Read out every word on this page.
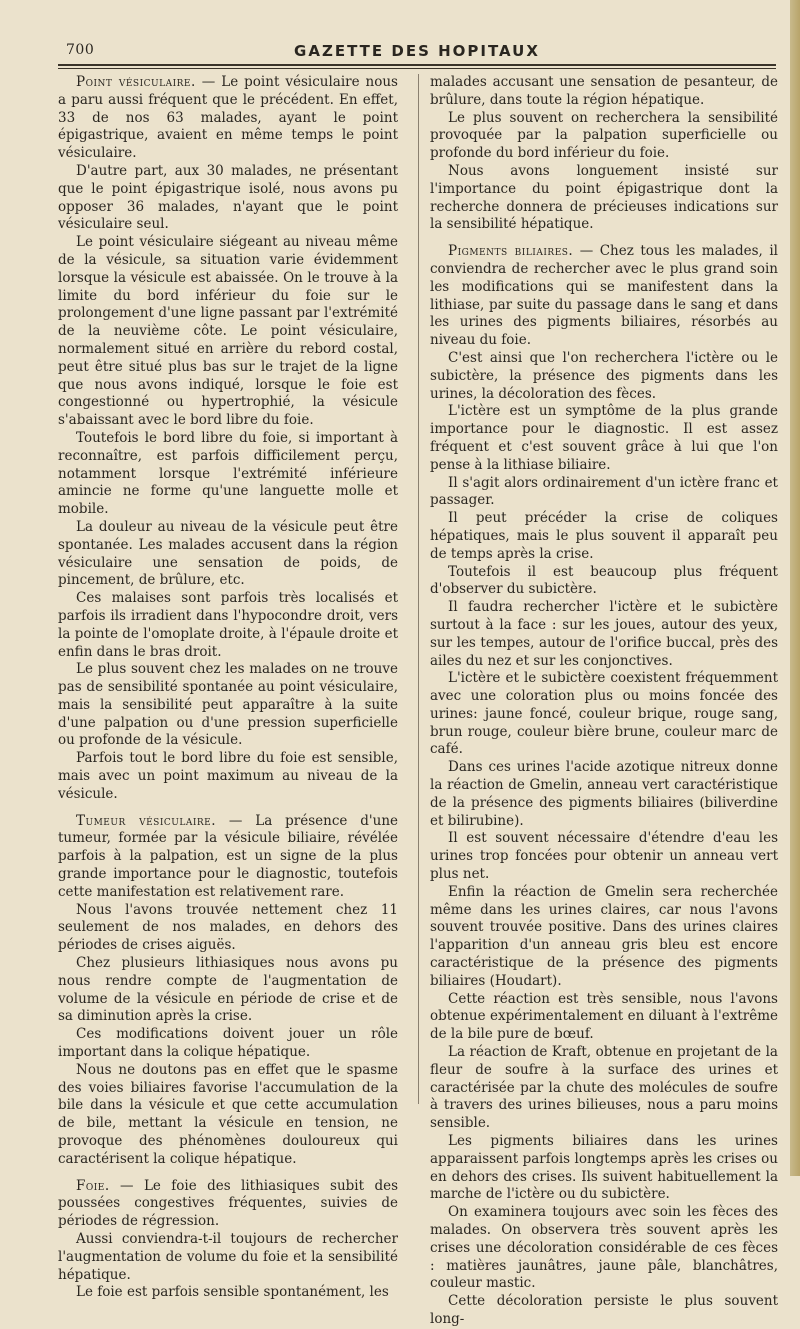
700	GAZETTE DES HOPITAUX

Point vésiculaire. — Le point vésiculaire nous a paru aussi fréquent que le précédent. En effet, 33 de nos 63 malades, ayant le point épigastrique, avaient en même temps le point vésiculaire.

D'autre part, aux 30 malades, ne présentant que le point épigastrique isolé, nous avons pu opposer 36 malades, n'ayant que le point vésiculaire seul.

Le point vésiculaire siégeant au niveau même de la vésicule, sa situation varie évidemment lorsque la vésicule est abaissée. On le trouve à la limite du bord inférieur du foie sur le prolongement d'une ligne passant par l'extrémité de la neuvième côte. Le point vésiculaire, normalement situé en arrière du rebord costal, peut être situé plus bas sur le trajet de la ligne que nous avons indiqué, lorsque le foie est congestionné ou hypertrophié, la vésicule s'abaissant avec le bord libre du foie.

Toutefois le bord libre du foie, si important à reconnaître, est parfois difficilement perçu, notamment lorsque l'extrémité inférieure amincie ne forme qu'une languette molle et mobile.

La douleur au niveau de la vésicule peut être spontanée. Les malades accusent dans la région vésiculaire une sensation de poids, de pincement, de brûlure, etc.

Ces malaises sont parfois très localisés et parfois ils irradient dans l'hypocondre droit, vers la pointe de l'omoplate droite, à l'épaule droite et enfin dans le bras droit.

Le plus souvent chez les malades on ne trouve pas de sensibilité spontanée au point vésiculaire, mais la sensibilité peut apparaître à la suite d'une palpation ou d'une pression superficielle ou profonde de la vésicule.

Parfois tout le bord libre du foie est sensible, mais avec un point maximum au niveau de la vésicule.

Tumeur vésiculaire. — La présence d'une tumeur, formée par la vésicule biliaire, révélée parfois à la palpation, est un signe de la plus grande importance pour le diagnostic, toutefois cette manifestation est relativement rare.

Nous l'avons trouvée nettement chez 11 seulement de nos malades, en dehors des périodes de crises aiguës.

Chez plusieurs lithiasiques nous avons pu nous rendre compte de l'augmentation de volume de la vésicule en période de crise et de sa diminution après la crise.

Ces modifications doivent jouer un rôle important dans la colique hépatique.

Nous ne doutons pas en effet que le spasme des voies biliaires favorise l'accumulation de la bile dans la vésicule et que cette accumulation de bile, mettant la vésicule en tension, ne provoque des phénomènes douloureux qui caractérisent la colique hépatique.

Foie. — Le foie des lithiasiques subit des poussées congestives fréquentes, suivies de périodes de régression.

Aussi conviendra-t-il toujours de rechercher l'augmentation de volume du foie et la sensibilité hépatique.

Le foie est parfois sensible spontanément, les

malades accusant une sensation de pesanteur, de brûlure, dans toute la région hépatique.

Le plus souvent on recherchera la sensibilité provoquée par la palpation superficielle ou profonde du bord inférieur du foie.

Nous avons longuement insisté sur l'importance du point épigastrique dont la recherche donnera de précieuses indications sur la sensibilité hépatique.

Pigments biliaires. — Chez tous les malades, il conviendra de rechercher avec le plus grand soin les modifications qui se manifestent dans la lithiase, par suite du passage dans le sang et dans les urines des pigments biliaires, résorbés au niveau du foie.

C'est ainsi que l'on recherchera l'ictère ou le subictère, la présence des pigments dans les urines, la décoloration des fèces.

L'ictère est un symptôme de la plus grande importance pour le diagnostic. Il est assez fréquent et c'est souvent grâce à lui que l'on pense à la lithiase biliaire.

Il s'agit alors ordinairement d'un ictère franc et passager.

Il peut précéder la crise de coliques hépatiques, mais le plus souvent il apparaît peu de temps après la crise.

Toutefois il est beaucoup plus fréquent d'observer du subictère.

Il faudra rechercher l'ictère et le subictère surtout à la face : sur les joues, autour des yeux, sur les tempes, autour de l'orifice buccal, près des ailes du nez et sur les conjonctives.

L'ictère et le subictère coexistent fréquemment avec une coloration plus ou moins foncée des urines: jaune foncé, couleur brique, rouge sang, brun rouge, couleur bière brune, couleur marc de café.

Dans ces urines l'acide azotique nitreux donne la réaction de Gmelin, anneau vert caractéristique de la présence des pigments biliaires (biliverdine et bilirubine).

Il est souvent nécessaire d'étendre d'eau les urines trop foncées pour obtenir un anneau vert plus net.

Enfin la réaction de Gmelin sera recherchée même dans les urines claires, car nous l'avons souvent trouvée positive. Dans des urines claires l'apparition d'un anneau gris bleu est encore caractéristique de la présence des pigments biliaires (Houdart).

Cette réaction est très sensible, nous l'avons obtenue expérimentalement en diluant à l'extrême de la bile pure de bœuf.

La réaction de Kraft, obtenue en projetant de la fleur de soufre à la surface des urines et caractérisée par la chute des molécules de soufre à travers des urines bilieuses, nous a paru moins sensible.

Les pigments biliaires dans les urines apparaissent parfois longtemps après les crises ou en dehors des crises. Ils suivent habituellement la marche de l'ictère ou du subictère.

On examinera toujours avec soin les fèces des malades. On observera très souvent après les crises une décoloration considérable de ces fèces : matières jaunâtres, jaune pâle, blanchâtres, couleur mastic.

Cette décoloration persiste le plus souvent long-
